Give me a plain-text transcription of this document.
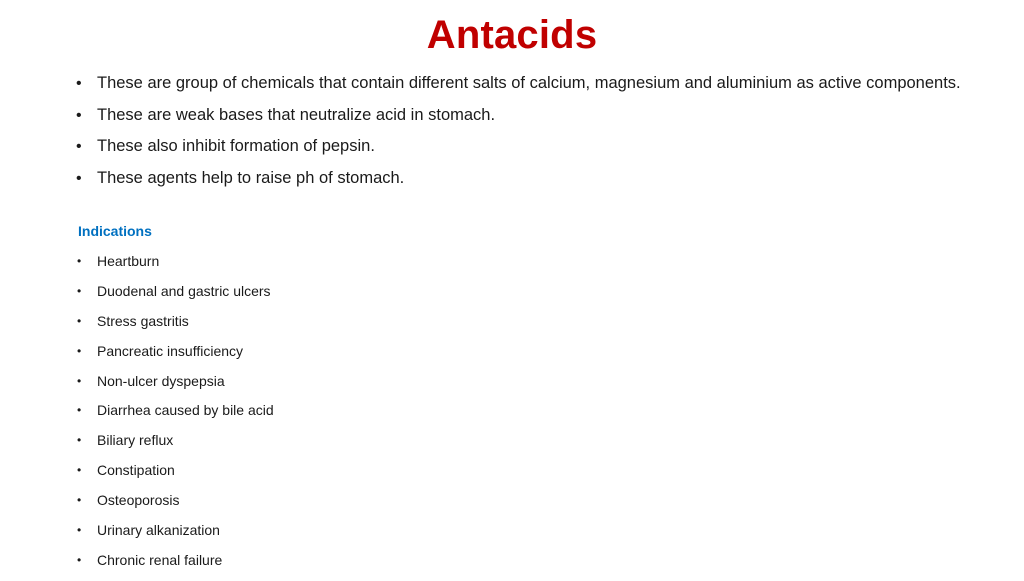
Antacids
• These are group of chemicals that contain different salts of calcium, magnesium and aluminium as active components.
• These are weak bases that neutralize acid in stomach.
• These also inhibit formation of pepsin.
• These agents help to raise ph of stomach.
Indications
• Heartburn
• Duodenal and gastric ulcers
• Stress gastritis
• Pancreatic insufficiency
• Non-ulcer dyspepsia
• Diarrhea caused by bile acid
• Biliary reflux
• Constipation
• Osteoporosis
• Urinary alkanization
• Chronic renal failure
